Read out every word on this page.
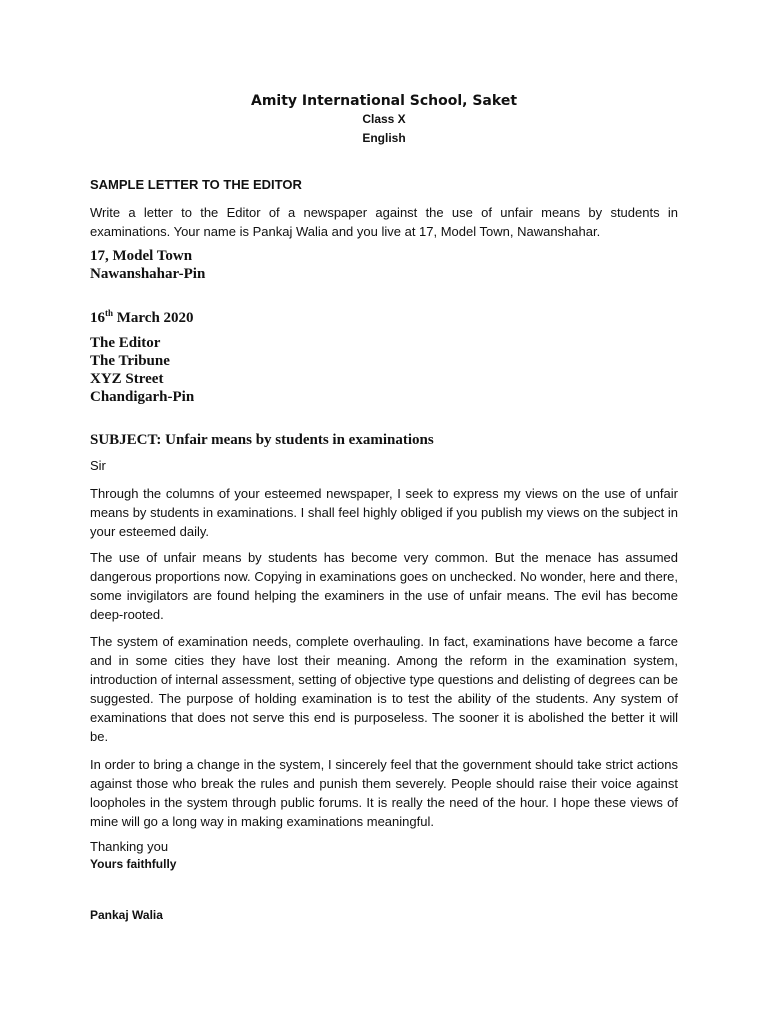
Amity International School, Saket
Class X
English
SAMPLE LETTER TO THE EDITOR

Write a letter to the Editor of a newspaper against the use of unfair means by students in examinations. Your name is Pankaj Walia and you live at 17, Model Town, Nawanshahar.

17, Model Town
Nawanshahar-Pin
16th March 2020
The Editor
The Tribune
XYZ Street
Chandigarh-Pin
SUBJECT: Unfair means by students in examinations
Sir

Through the columns of your esteemed newspaper, I seek to express my views on the use of unfair means by students in examinations. I shall feel highly obliged if you publish my views on the subject in your esteemed daily.

The use of unfair means by students has become very common. But the menace has assumed dangerous proportions now. Copying in examinations goes on unchecked. No wonder, here and there, some invigilators are found helping the examiners in the use of unfair means. The evil has become deep-rooted.

The system of examination needs, complete overhauling. In fact, examinations have become a farce and in some cities they have lost their meaning. Among the reform in the examination system, introduction of internal assessment, setting of objective type questions and delisting of degrees can be suggested. The purpose of holding examination is to test the ability of the students. Any system of examinations that does not serve this end is purposeless. The sooner it is abolished the better it will be.

In order to bring a change in the system, I sincerely feel that the government should take strict actions against those who break the rules and punish them severely. People should raise their voice against loopholes in the system through public forums. It is really the need of the hour. I hope these views of mine will go a long way in making examinations meaningful.

Thanking you
Yours faithfully
Pankaj Walia
